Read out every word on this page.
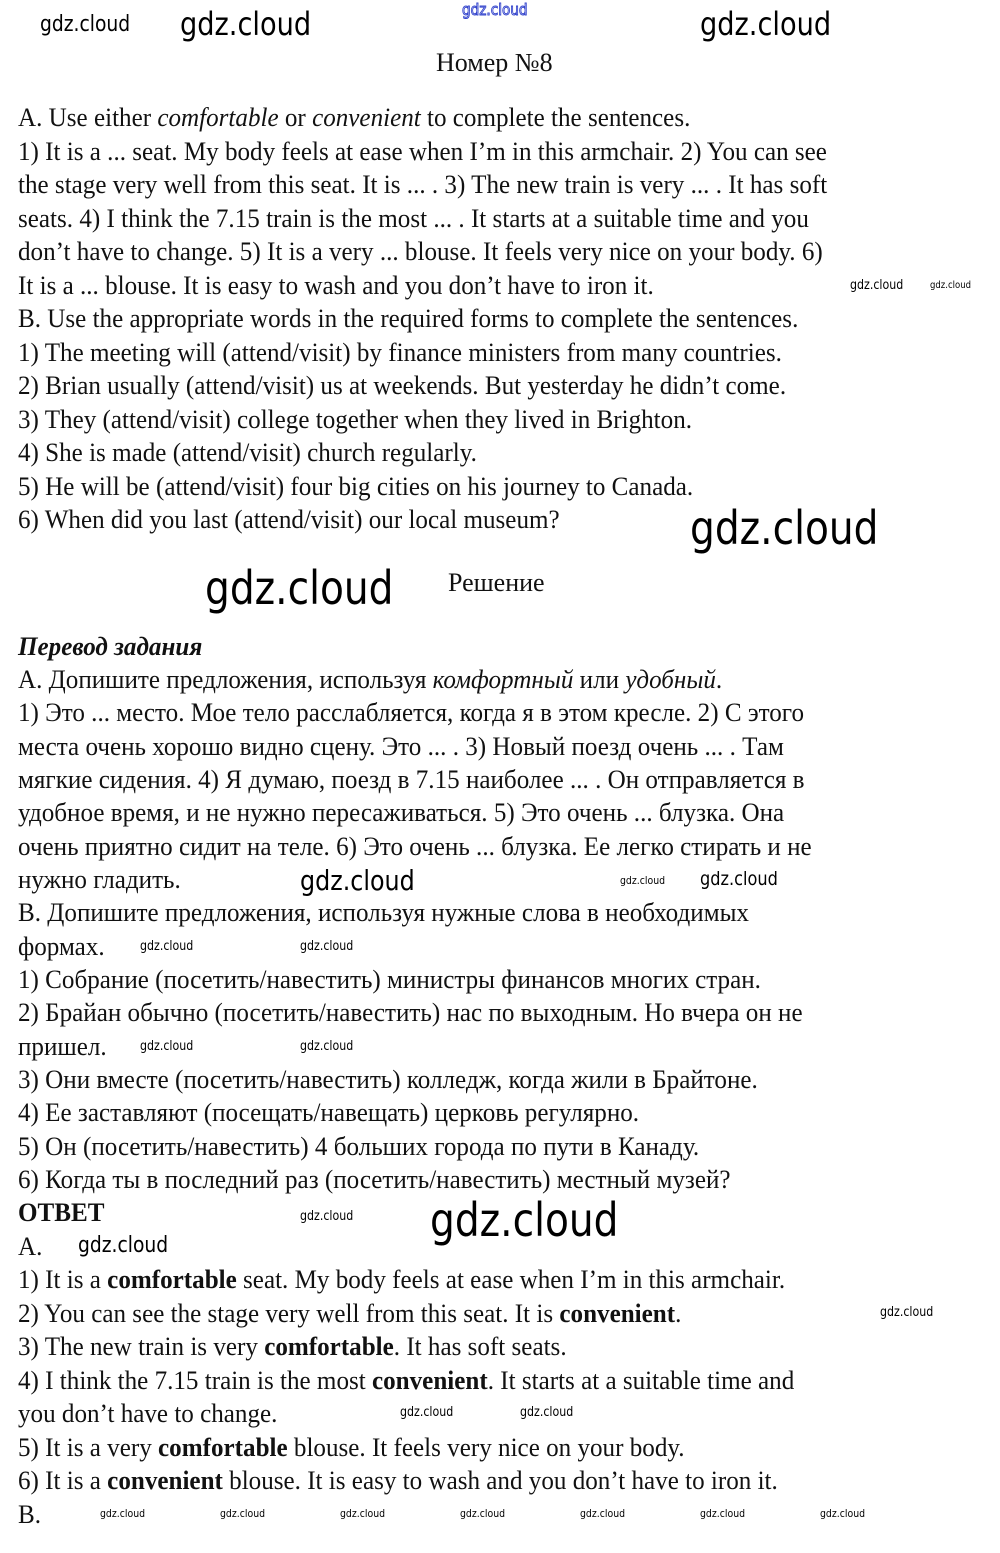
Номер №8
Решение
A. Use either comfortable or convenient to complete the sentences.
1) It is a ... seat. My body feels at ease when I’m in this armchair. 2) You can see
the stage very well from this seat. It is ... . 3) The new train is very ... . It has soft
seats. 4) I think the 7.15 train is the most ... . It starts at a suitable time and you
don’t have to change. 5) It is a very ... blouse. It feels very nice on your body. 6)
It is a ... blouse. It is easy to wash and you don’t have to iron it.
B. Use the appropriate words in the required forms to complete the sentences.
1) The meeting will (attend/visit) by finance ministers from many countries.
2) Brian usually (attend/visit) us at weekends. But yesterday he didn’t come.
3) They (attend/visit) college together when they lived in Brighton.
4) She is made (attend/visit) church regularly.
5) He will be (attend/visit) four big cities on his journey to Canada.
6) When did you last (attend/visit) our local museum?
Перевод задания
А. Допишите предложения, используя комфортный или удобный.
1) Это ... место. Мое тело расслабляется, когда я в этом кресле. 2) С этого
места очень хорошо видно сцену. Это ... . 3) Новый поезд очень ... . Там
мягкие сидения. 4) Я думаю, поезд в 7.15 наиболее ... . Он отправляется в
удобное время, и не нужно пересаживаться. 5) Это очень ... блузка. Она
очень приятно сидит на теле. 6) Это очень ... блузка. Ее легко стирать и не
нужно гладить.
В. Допишите предложения, используя нужные слова в необходимых
формах.
1) Собрание (посетить/навестить) министры финансов многих стран.
2) Брайан обычно (посетить/навестить) нас по выходным. Но вчера он не
пришел.
3) Они вместе (посетить/навестить) колледж, когда жили в Брайтоне.
4) Ее заставляют (посещать/навещать) церковь регулярно.
5) Он (посетить/навестить) 4 больших города по пути в Канаду.
6) Когда ты в последний раз (посетить/навестить) местный музей?
ОТВЕТ
A.
1) It is a comfortable seat. My body feels at ease when I’m in this armchair.
2) You can see the stage very well from this seat. It is convenient.
3) The new train is very comfortable. It has soft seats.
4) I think the 7.15 train is the most convenient. It starts at a suitable time and
you don’t have to change.
5) It is a very comfortable blouse. It feels very nice on your body.
6) It is a convenient blouse. It is easy to wash and you don’t have to iron it.
B.
gdz.cloud
gdz.cloud gdz.cloud	gdz.cloud
gdz.cloud
gdz.cloud
gdz.cloud
gdz.cloud
gdz.cloud
gdz.cloud	gdz.cloud
gdz.cloud gdz.cloud
gdz.cloud	gdz.cloud
gdz.cloud	gdz.cloud
gdz.cloud
gdz.cloud
gdz.cloud	gdz.cloud
gdz.cloud	gdz.cloud	gdz.cloud	gdz.cloud	gdz.cloud	gdz.cloud	gdz.cloud
